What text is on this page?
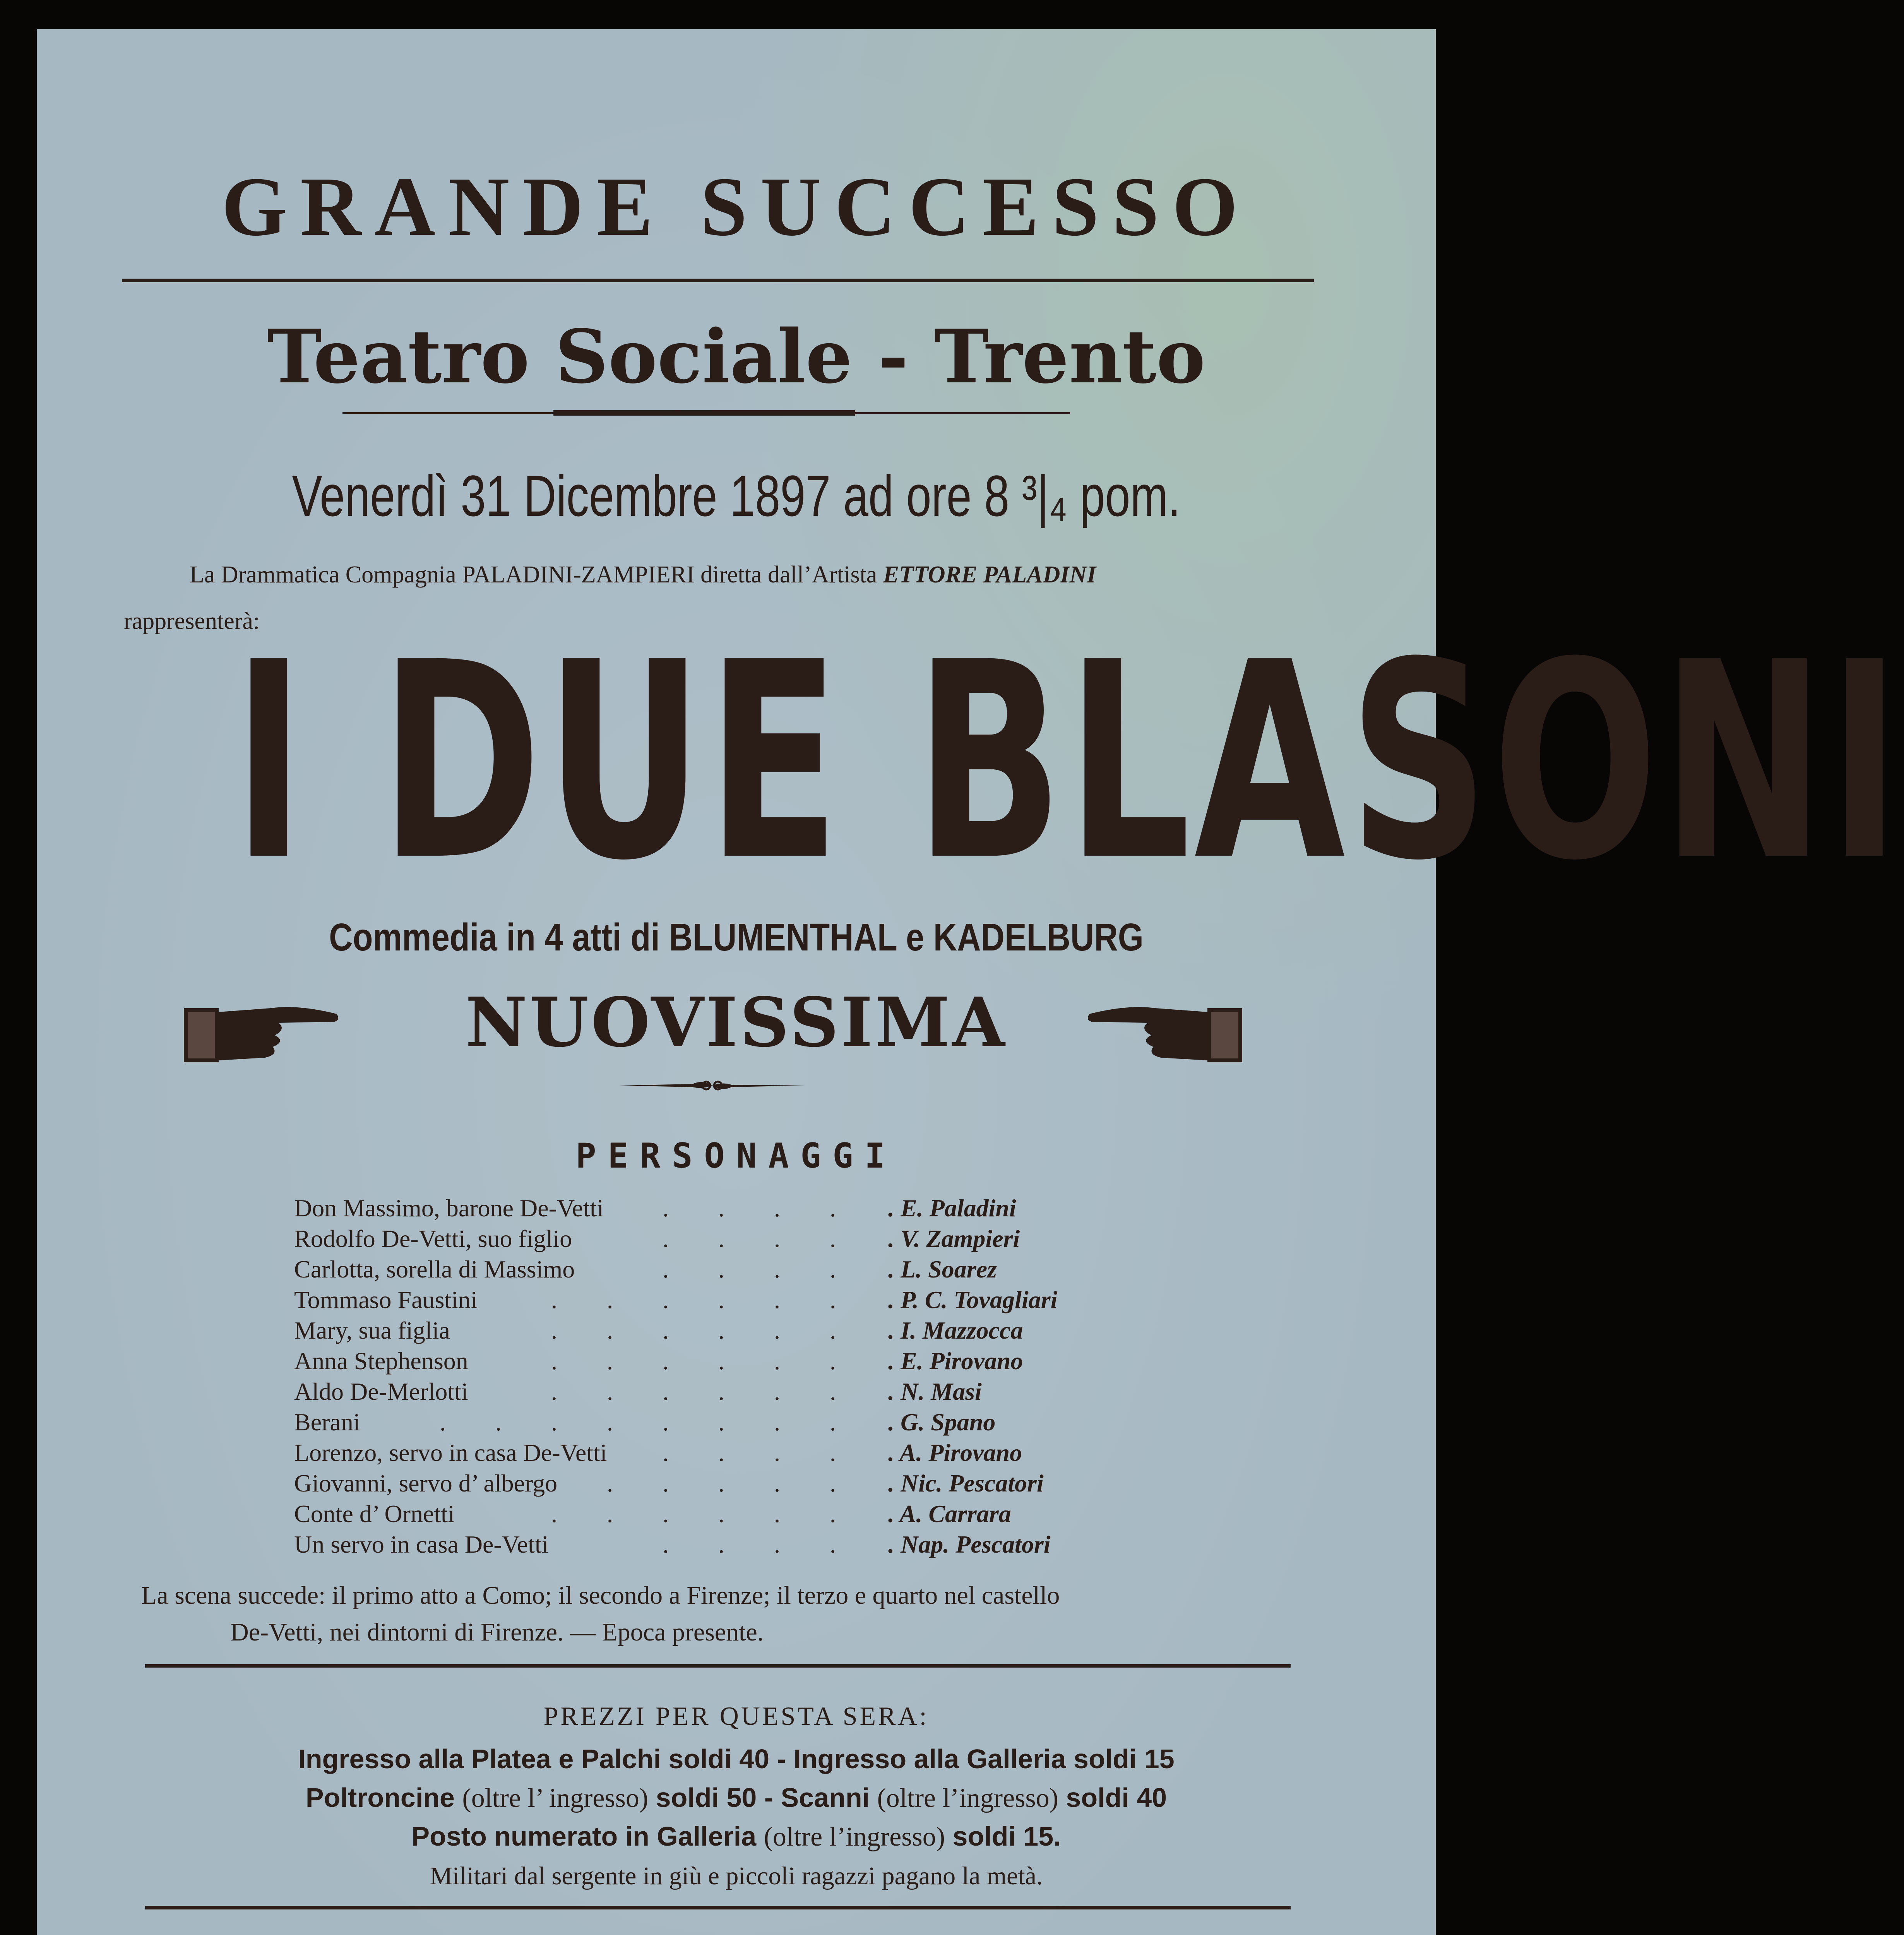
GRANDE SUCCESSO
Teatro Sociale - Trento
Venerdì 31 Dicembre 1897 ad ore 8 ³|₄ pom.
La Drammatica Compagnia PALADINI-ZAMPIERI diretta dall’Artista ETTORE PALADINI
rappresenterà:
I DUE BLASONI
Commedia in 4 atti di BLUMENTHAL e KADELBURG
NUOVISSIMA
PERSONAGGI
Don Massimo, barone De-Vetti	.        .        .        . . E. Paladini
Rodolfo De-Vetti, suo figlio	.        .        .        . . V. Zampieri
Carlotta, sorella di Massimo	.        .        .        . . L. Soarez
Tommaso Faustini	.        .        .        .        .        . . P. C. Tovagliari
Mary, sua figlia	.        .        .        .        .        . . I. Mazzocca
Anna Stephenson	.        .        .        .        .        . . E. Pirovano
Aldo De-Merlotti	.        .        .        .        .        . . N. Masi
Berani	.        .        .        .        .        .        .        . . G. Spano
Lorenzo, servo in casa De-Vetti	.        .        .        . . A. Pirovano
Giovanni, servo d’ albergo	.        .        .        .        . . Nic. Pescatori
Conte d’ Ornetti	.        .        .        .        .        . . A. Carrara
Un servo in casa De-Vetti	.        .        .        . . Nap. Pescatori
La scena succede: il primo atto a Como; il secondo a Firenze; il terzo e quarto nel castello
De-Vetti, nei dintorni di Firenze. — Epoca presente.
PREZZI PER QUESTA SERA:
Ingresso alla Platea e Palchi soldi 40 - Ingresso alla Galleria soldi 15
Poltroncine (oltre l’ ingresso) soldi 50 - Scanni (oltre l’ingresso) soldi 40
Posto numerato in Galleria (oltre l’ingresso) soldi 15.
Militari dal sergente in giù e piccoli ragazzi pagano la metà.
